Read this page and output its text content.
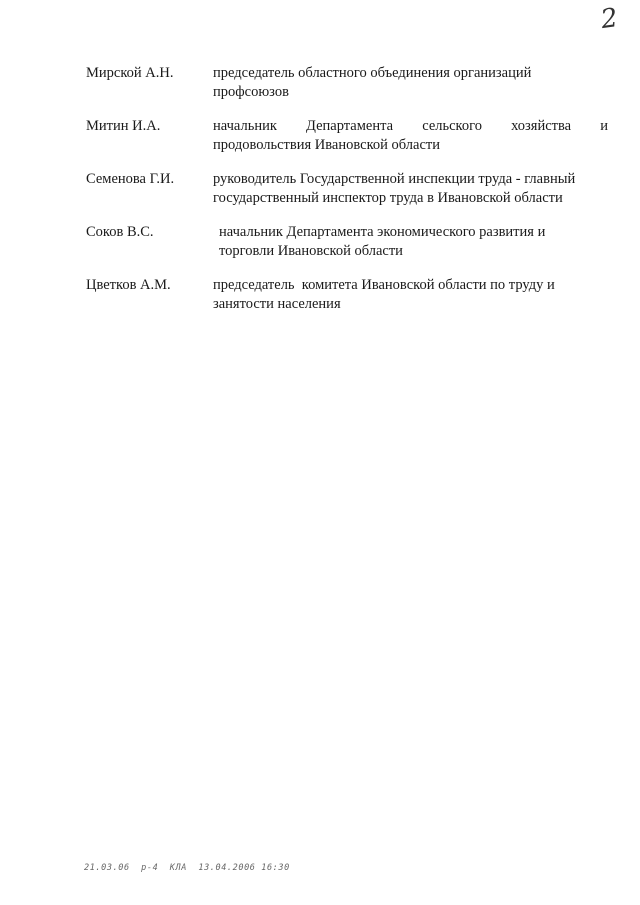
2
Мирской А.Н.	председатель областного объединения организаций
профсоюзов
Митин И.А.	начальник Департамента сельского хозяйства и
продовольствия Ивановской области
Семенова Г.И.	руководитель Государственной инспекции труда - главный
государственный инспектор труда в Ивановской области
Соков В.С.	начальник Департамента экономического развития и
торговли Ивановской области
Цветков А.М.	председатель  комитета Ивановской области по труду и
занятости населения
21.03.06  р-4  КЛА  13.04.2006 16:30
